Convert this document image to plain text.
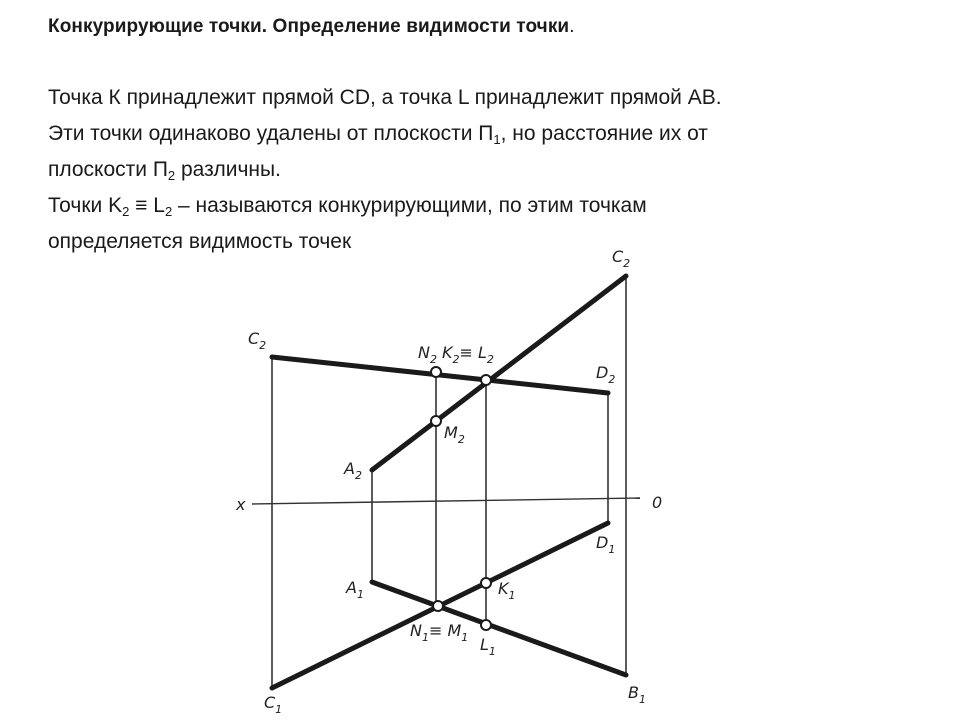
Конкурирующие точки. Определение видимости точки.

Точка К принадлежит прямой CD, а точка L принадлежит прямой AB.

Эти точки одинаково удалены от плоскости $П_1$, но расстояние их от

плоскости $П_2$ различны.

Точки $K_2 \equiv L_2$ – называются конкурирующими, по этим точкам

определяется видимость точек

$C_2$
$C_2$	$N_2$ $K_2\equiv L_2$
$D_2$
$M_2$
$A_2$
x	0
$D_1$
$A_1$	$K_1$
$N_1\equiv M_1$ $L_1$
$C_1$
$B_1$
